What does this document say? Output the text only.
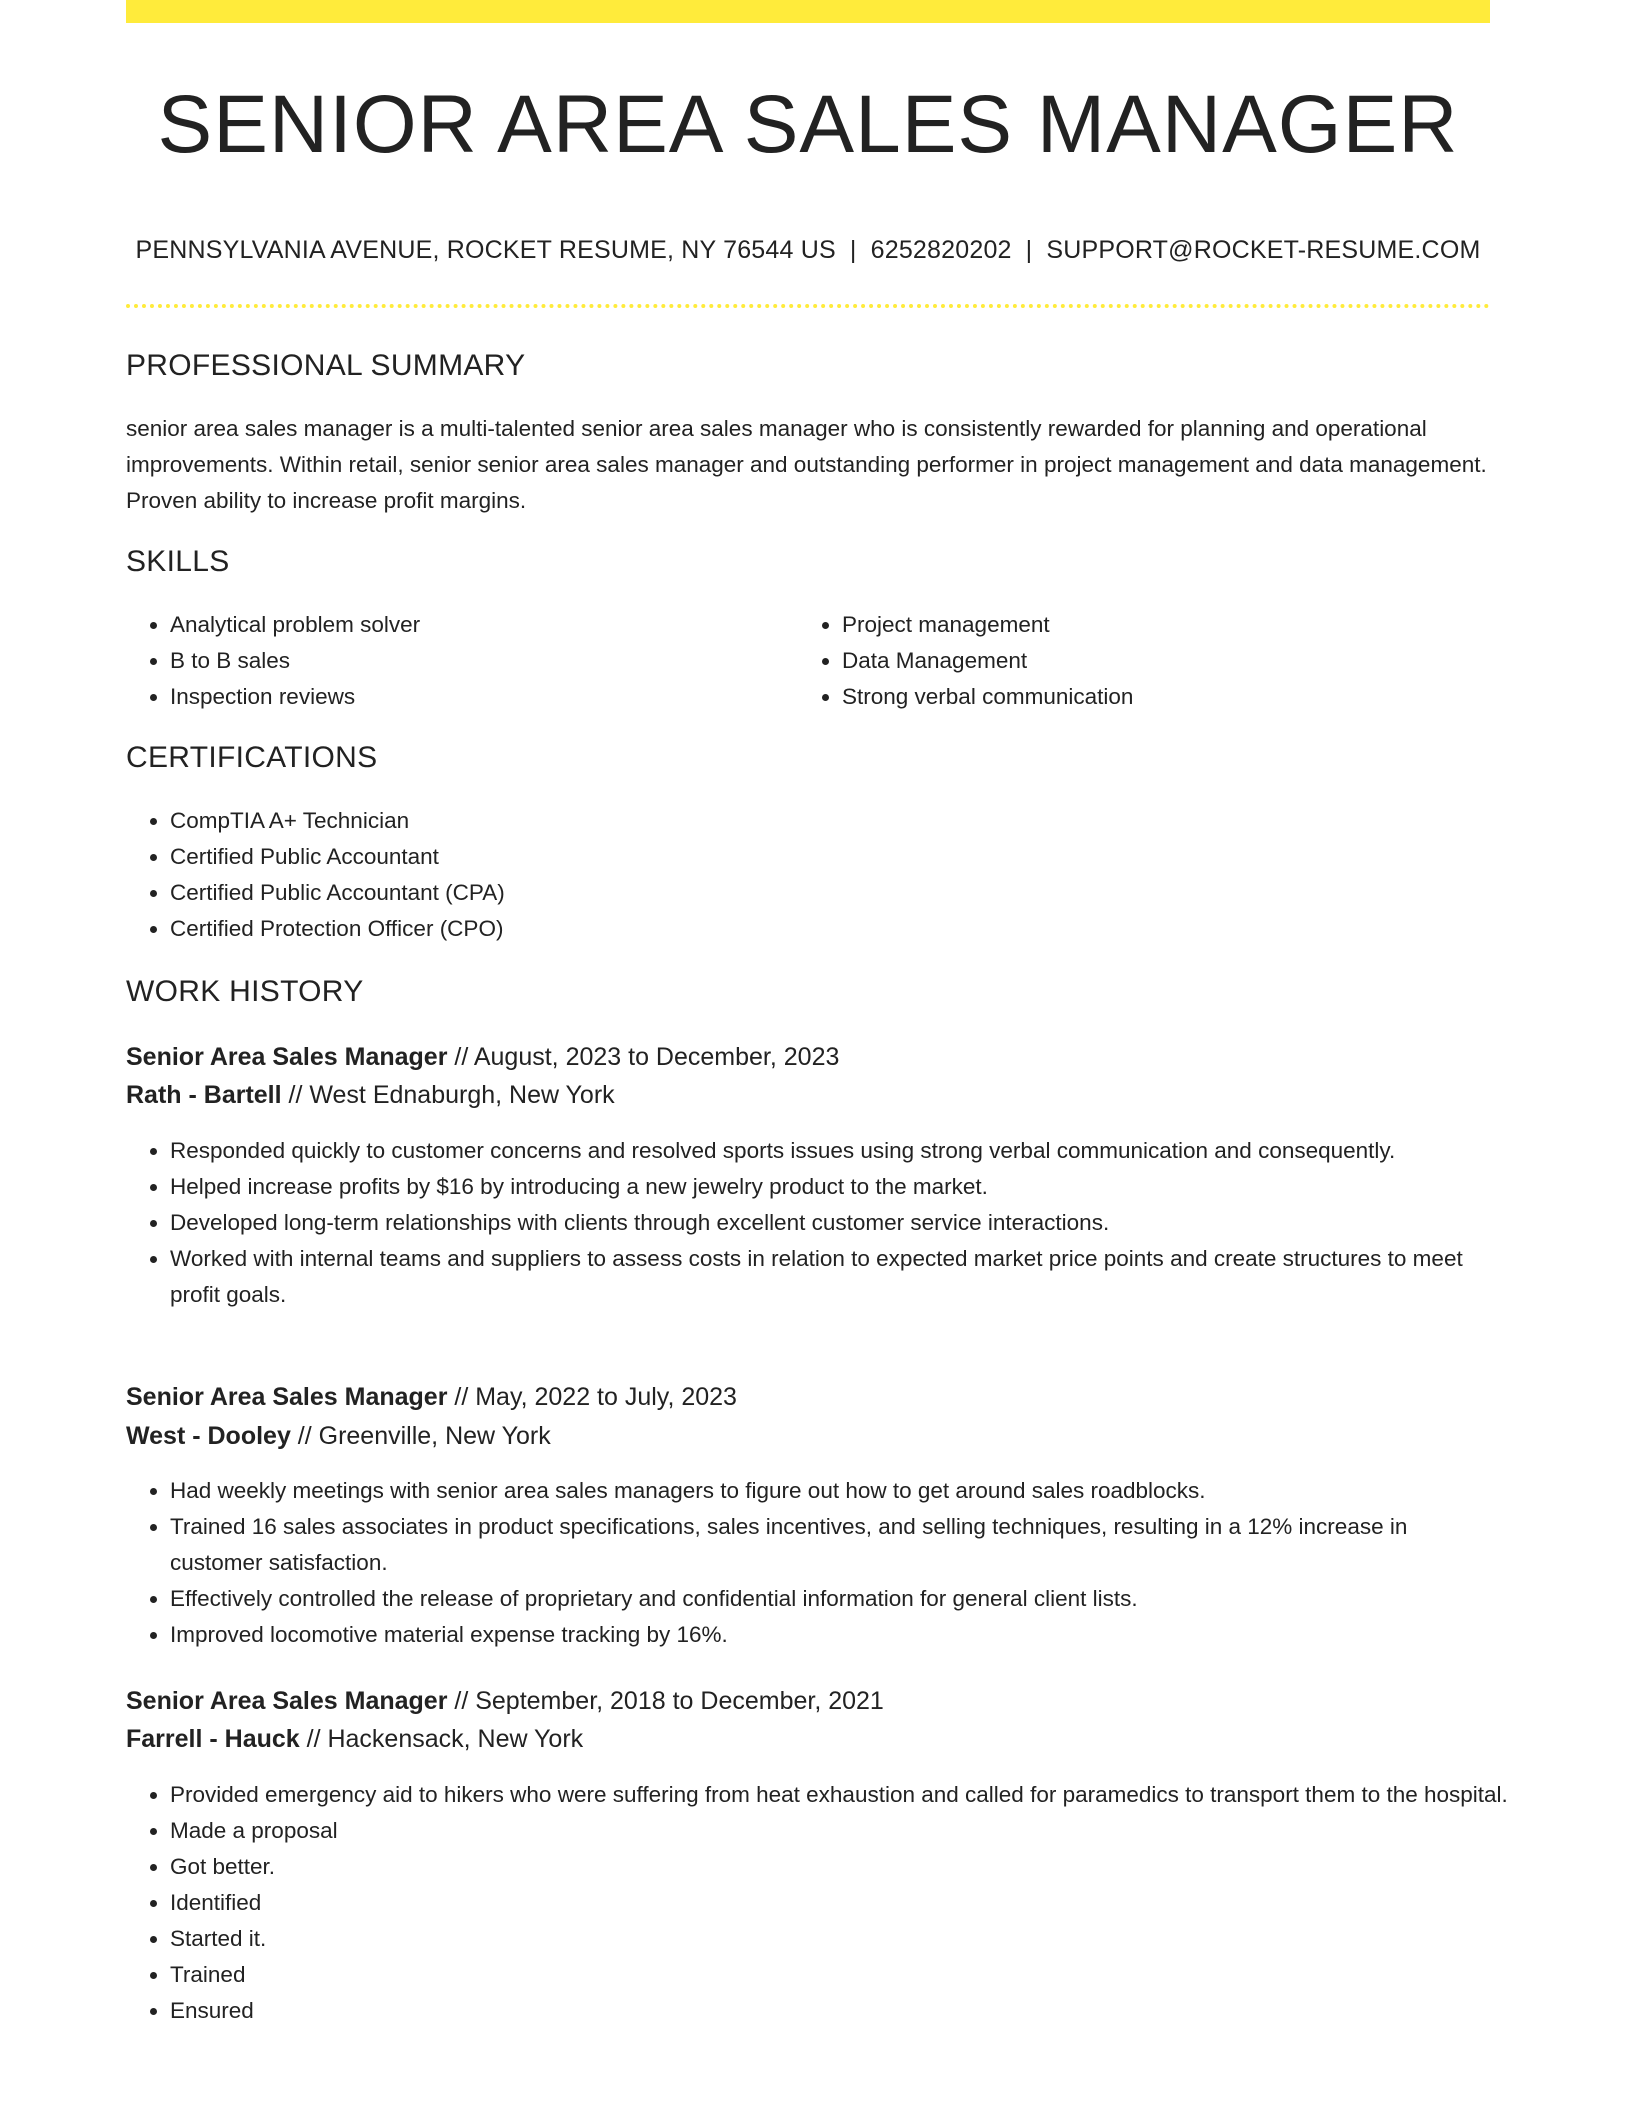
SENIOR AREA SALES MANAGER
PENNSYLVANIA AVENUE, ROCKET RESUME, NY 76544 US | 6252820202 | SUPPORT@ROCKET-RESUME.COM
PROFESSIONAL SUMMARY

senior area sales manager is a multi-talented senior area sales manager who is consistently rewarded for planning and operational improvements. Within retail, senior senior area sales manager and outstanding performer in project management and data management. Proven ability to increase profit margins.

SKILLS
• Analytical problem solver
• B to B sales
• Inspection reviews
• Project management
• Data Management
• Strong verbal communication
CERTIFICATIONS
• CompTIA A+ Technician
• Certified Public Accountant
• Certified Public Accountant (CPA)
• Certified Protection Officer (CPO)
WORK HISTORY
Senior Area Sales Manager // August, 2023 to December, 2023
Rath - Bartell // West Ednaburgh, New York
• Responded quickly to customer concerns and resolved sports issues using strong verbal communication and consequently.
• Helped increase profits by $16 by introducing a new jewelry product to the market.
• Developed long-term relationships with clients through excellent customer service interactions.
• Worked with internal teams and suppliers to assess costs in relation to expected market price points and create structures to meet profit goals.
Senior Area Sales Manager // May, 2022 to July, 2023
West - Dooley // Greenville, New York
• Had weekly meetings with senior area sales managers to figure out how to get around sales roadblocks.
• Trained 16 sales associates in product specifications, sales incentives, and selling techniques, resulting in a 12% increase in customer satisfaction.
• Effectively controlled the release of proprietary and confidential information for general client lists.
• Improved locomotive material expense tracking by 16%.
Senior Area Sales Manager // September, 2018 to December, 2021
Farrell - Hauck // Hackensack, New York
• Provided emergency aid to hikers who were suffering from heat exhaustion and called for paramedics to transport them to the hospital.
• Made a proposal
• Got better.
• Identified
• Started it.
• Trained
• Ensured
